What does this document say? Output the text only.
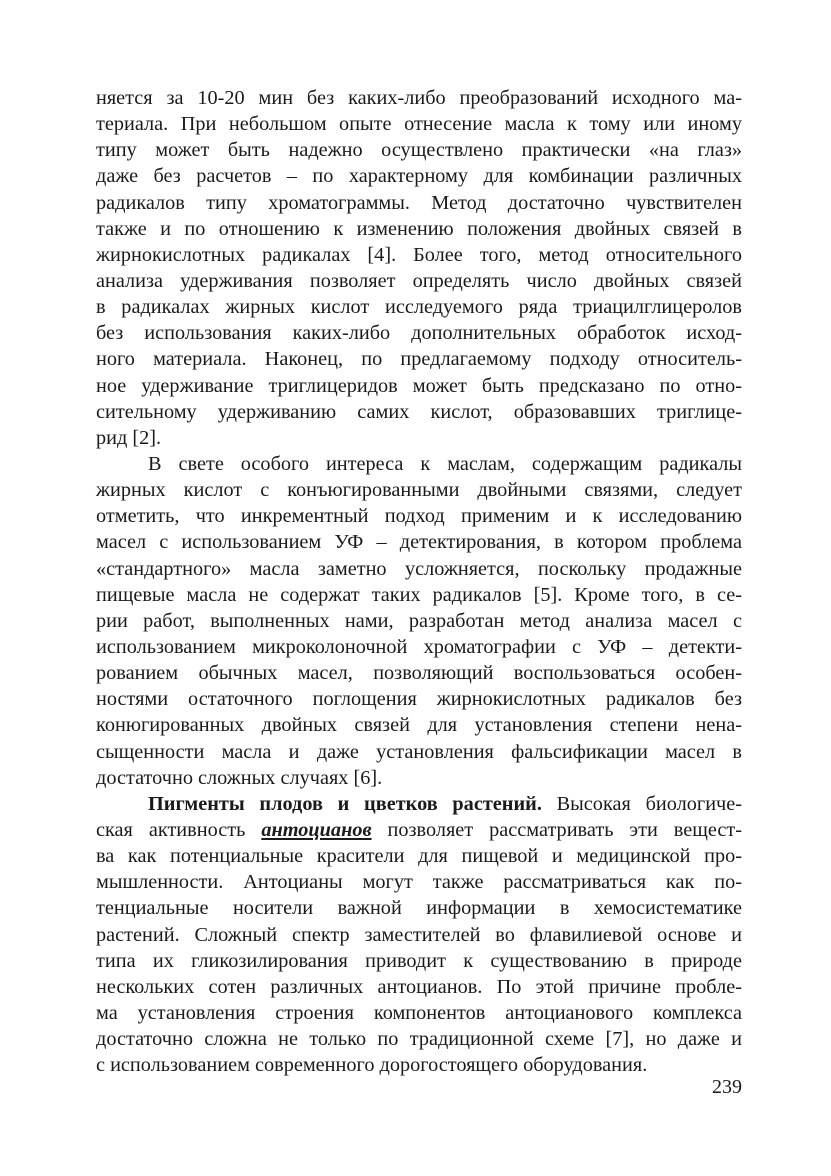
няется за 10-20 мин без каких-либо преобразований исходного ма-
териала. При небольшом опыте отнесение масла к тому или иному
типу может быть надежно осуществлено практически «на глаз»
даже без расчетов – по характерному для комбинации различных
радикалов типу хроматограммы. Метод достаточно чувствителен
также и по отношению к изменению положения двойных связей в
жирнокислотных радикалах [4]. Более того, метод относительного
анализа удерживания позволяет определять число двойных связей
в радикалах жирных кислот исследуемого ряда триацилглицеролов
без использования каких-либо дополнительных обработок исход-
ного материала. Наконец, по предлагаемому подходу относитель-
ное удерживание триглицеридов может быть предсказано по отно-
сительному удерживанию самих кислот, образовавших триглице-
рид [2].
В свете особого интереса к маслам, содержащим радикалы
жирных кислот с конъюгированными двойными связями, следует
отметить, что инкрементный подход применим и к исследованию
масел с использованием УФ – детектирования, в котором проблема
«стандартного» масла заметно усложняется, поскольку продажные
пищевые масла не содержат таких радикалов [5]. Кроме того, в се-
рии работ, выполненных нами, разработан метод анализа масел с
использованием микроколоночной хроматографии с УФ – детекти-
рованием обычных масел, позволяющий воспользоваться особен-
ностями остаточного поглощения жирнокислотных радикалов без
конюгированных двойных связей для установления степени нена-
сыщенности масла и даже установления фальсификации масел в
достаточно сложных случаях [6].
Пигменты плодов и цветков растений. Высокая биологиче-
ская активность антоцианов позволяет рассматривать эти вещест-
ва как потенциальные красители для пищевой и медицинской про-
мышленности. Антоцианы могут также рассматриваться как по-
тенциальные носители важной информации в хемосистематике
растений. Сложный спектр заместителей во флавилиевой основе и
типа их гликозилирования приводит к существованию в природе
нескольких сотен различных антоцианов. По этой причине пробле-
ма установления строения компонентов антоцианового комплекса
достаточно сложна не только по традиционной схеме [7], но даже и
с использованием современного дорогостоящего оборудования.
239
